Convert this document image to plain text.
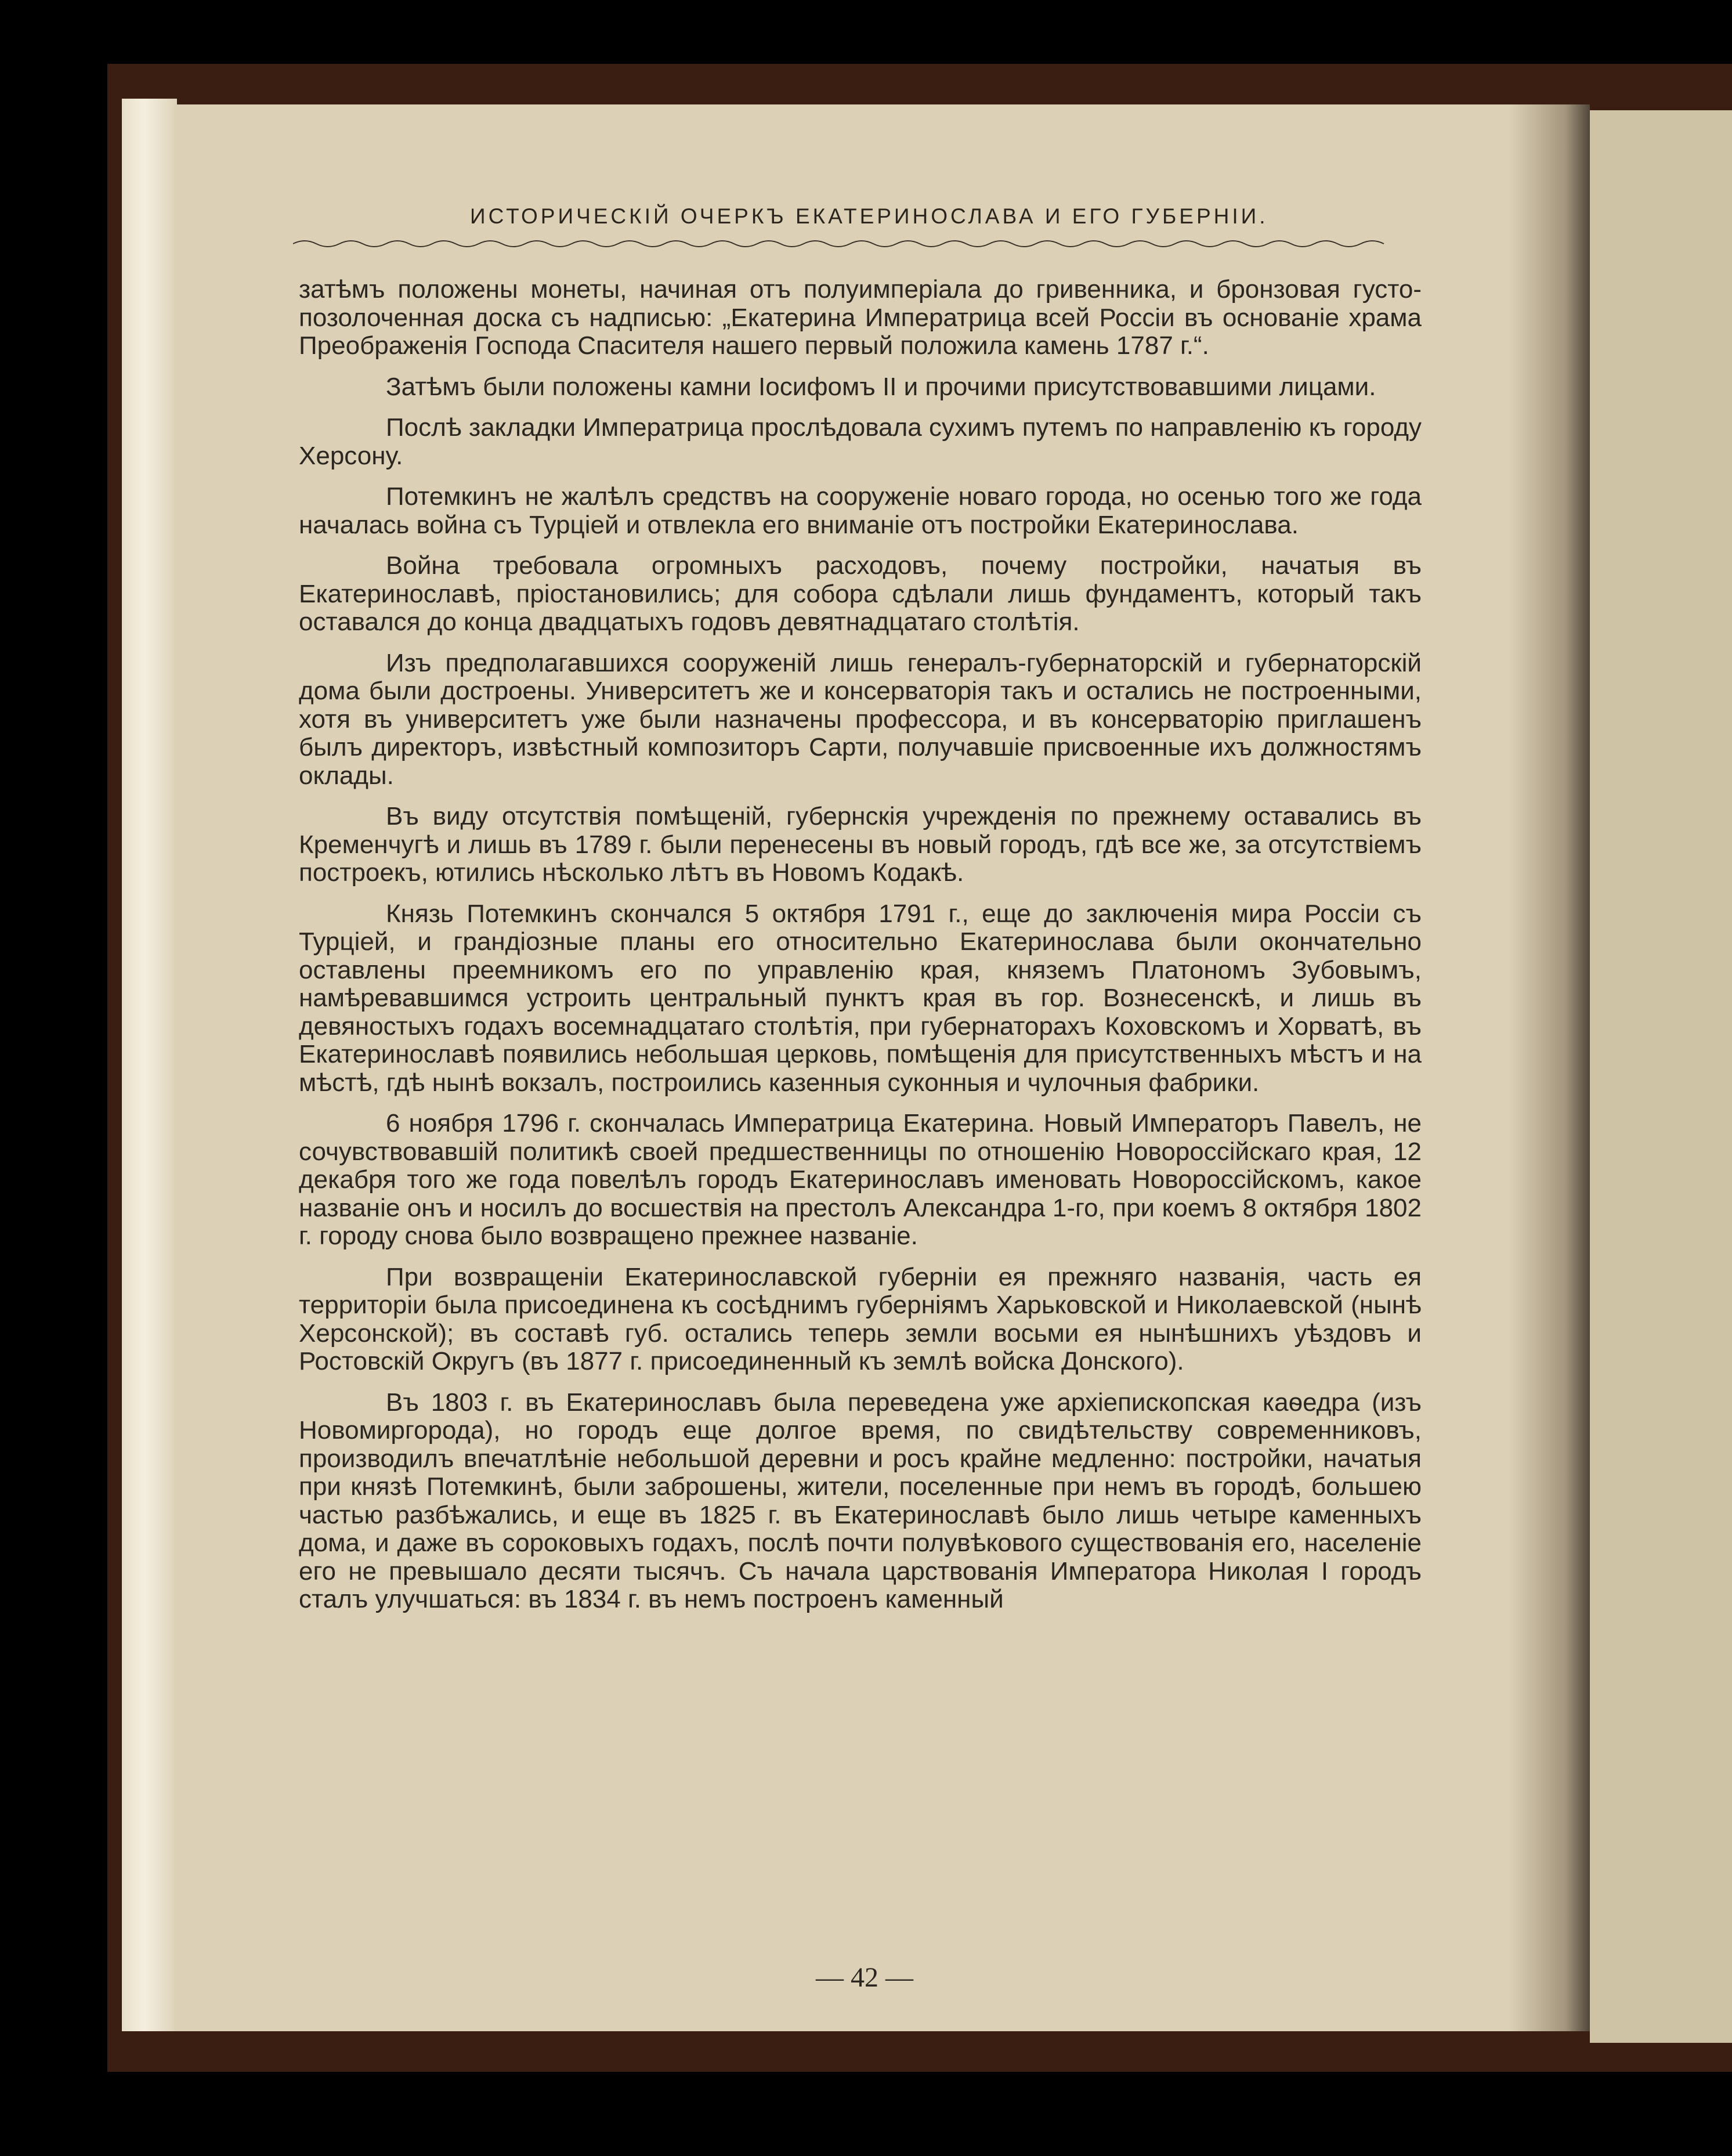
ИСТОРИЧЕСКІЙ ОЧЕРКЪ ЕКАТЕРИНОСЛАВА И ЕГО ГУБЕРНІИ.

затѣмъ положены монеты, начиная отъ полуимперіала до гривенника, и бронзовая густо-позолоченная доска съ надписью: „Екатерина Императрица всей Россіи въ основаніе храма Преображенія Господа Спасителя нашего первый положила камень 1787 г.“.

Затѣмъ были положены камни Іосифомъ II и прочими присутствовавшими лицами.

Послѣ закладки Императрица прослѣдовала сухимъ путемъ по направленію къ городу Херсону.

Потемкинъ не жалѣлъ средствъ на сооруженіе новаго города, но осенью того же года началась война съ Турціей и отвлекла его вниманіе отъ постройки Екатеринослава.

Война требовала огромныхъ расходовъ, почему постройки, начатыя въ Екатеринославѣ, пріостановились; для собора сдѣлали лишь фундаментъ, который такъ оставался до конца двадцатыхъ годовъ девятнадцатаго столѣтія.

Изъ предполагавшихся сооруженій лишь генералъ-губернаторскій и губернаторскій дома были достроены. Университетъ же и консерваторія такъ и остались не построенными, хотя въ университетъ уже были назначены профессора, и въ консерваторію приглашенъ былъ директоръ, извѣстный композиторъ Сарти, получавшіе присвоенные ихъ должностямъ оклады.

Въ виду отсутствія помѣщеній, губернскія учрежденія по прежнему оставались въ Кременчугѣ и лишь въ 1789 г. были перенесены въ новый городъ, гдѣ все же, за отсутствіемъ построекъ, ютились нѣсколько лѣтъ въ Новомъ Кодакѣ.

Князь Потемкинъ скончался 5 октября 1791 г., еще до заключенія мира Россіи съ Турціей, и грандіозные планы его относительно Екатеринослава были окончательно оставлены преемникомъ его по управленію края, княземъ Платономъ Зубовымъ, намѣревавшимся устроить центральный пунктъ края въ гор. Вознесенскѣ, и лишь въ девяностыхъ годахъ восемнадцатаго столѣтія, при губернаторахъ Коховскомъ и Хорватѣ, въ Екатеринославѣ появились небольшая церковь, помѣщенія для присутственныхъ мѣстъ и на мѣстѣ, гдѣ нынѣ вокзалъ, построились казенныя суконныя и чулочныя фабрики.

6 ноября 1796 г. скончалась Императрица Екатерина. Новый Императоръ Павелъ, не сочувствовавшій политикѣ своей предшественницы по отношенію Новороссійскаго края, 12 декабря того же года повелѣлъ городъ Екатеринославъ именовать Новороссійскомъ, какое названіе онъ и носилъ до восшествія на престолъ Александра 1-го, при коемъ 8 октября 1802 г. городу снова было возвращено прежнее названіе.

При возвращеніи Екатеринославской губерніи ея прежняго названія, часть ея территоріи была присоединена къ сосѣднимъ губерніямъ Харьковской и Николаевской (нынѣ Херсонской); въ составѣ губ. остались теперь земли восьми ея нынѣшнихъ уѣздовъ и Ростовскій Округъ (въ 1877 г. присоединенный къ землѣ войска Донского).

Въ 1803 г. въ Екатеринославъ была переведена уже архіепископская каѳедра (изъ Новомиргорода), но городъ еще долгое время, по свидѣтельству современниковъ, производилъ впечатлѣніе небольшой деревни и росъ крайне медленно: постройки, начатыя при князѣ Потемкинѣ, были заброшены, жители, поселенные при немъ въ городѣ, большею частью разбѣжались, и еще въ 1825 г. въ Екатеринославѣ было лишь четыре каменныхъ дома, и даже въ сороковыхъ годахъ, послѣ почти полувѣкового существованія его, населеніе его не превышало десяти тысячъ. Съ начала царствованія Императора Николая I городъ сталъ улучшаться: въ 1834 г. въ немъ построенъ каменный

— 42 —
